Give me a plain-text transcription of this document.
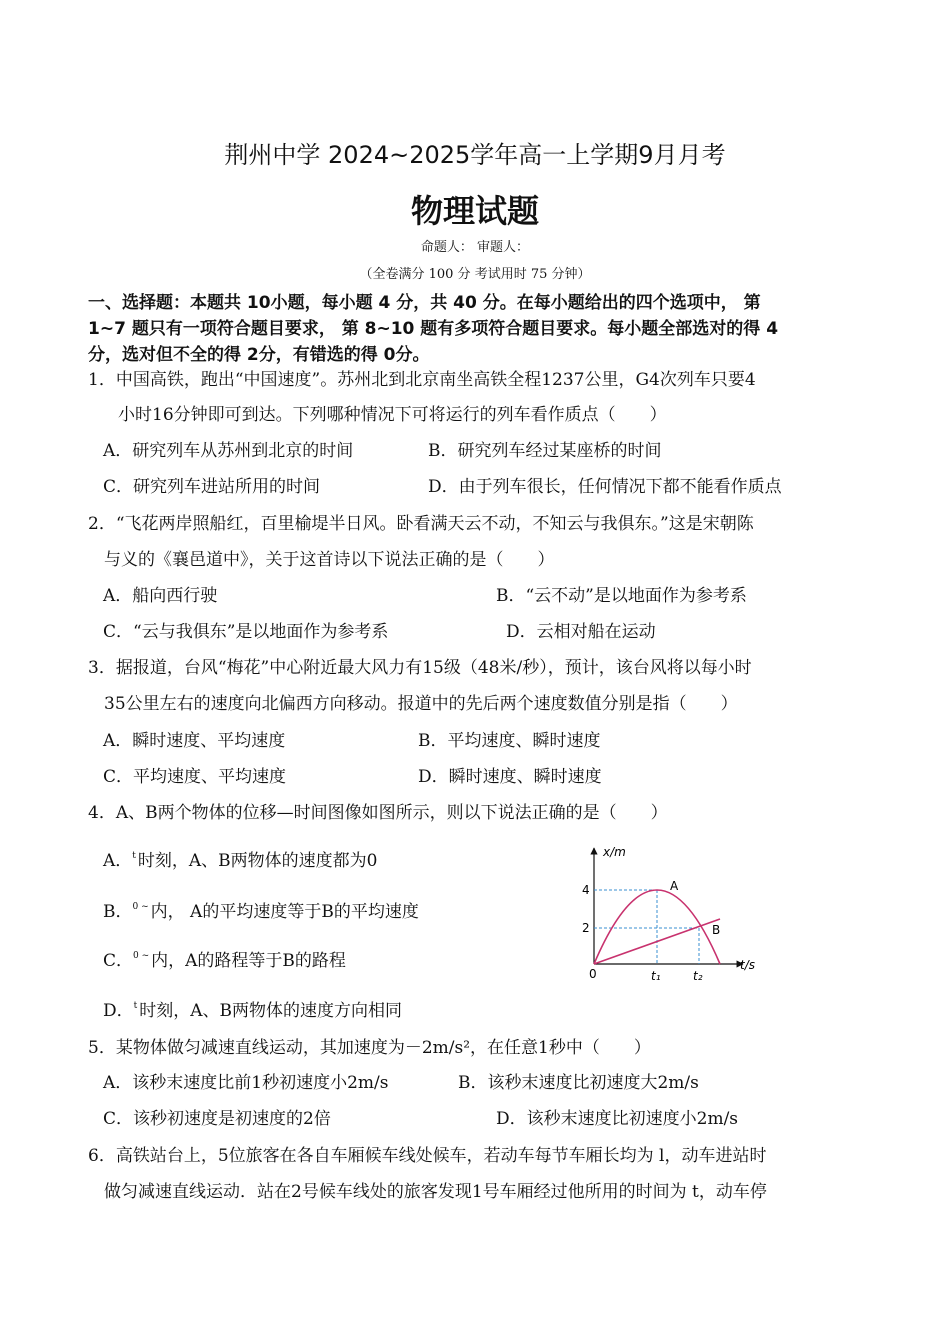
荆州中学 2024~2025学年高一上学期9月月考
物理试题
命题人： 审题人：
（全卷满分 100 分 考试用时 75 分钟）
一、选择题：本题共 10小题，每小题 4 分，共 40 分。在每小题给出的四个选项中， 第
1~7 题只有一项符合题目要求， 第 8~10 题有多项符合题目要求。每小题全部选对的得 4
分，选对但不全的得 2分，有错选的得 0分。
1．中国高铁，跑出“中国速度”。苏州北到北京南坐高铁全程1237公里，G4次列车只要4
小时16分钟即可到达。下列哪种情况下可将运行的列车看作质点（　　）
A．研究列车从苏州到北京的时间	B．研究列车经过某座桥的时间
C．研究列车进站所用的时间	D．由于列车很长，任何情况下都不能看作质点
2．“飞花两岸照船红，百里榆堤半日风。卧看满天云不动，不知云与我俱东。”这是宋朝陈
与义的《襄邑道中》，关于这首诗以下说法正确的是（　　）
A．船向西行驶	B．“云不动”是以地面作为参考系
C．“云与我俱东”是以地面作为参考系	D．云相对船在运动
3．据报道，台风“梅花”中心附近最大风力有15级（48米/秒），预计，该台风将以每小时
35公里左右的速度向北偏西方向移动。报道中的先后两个速度数值分别是指（　　）
A．瞬时速度、平均速度	B．平均速度、瞬时速度
C．平均速度、平均速度	D．瞬时速度、瞬时速度
4．A、B两个物体的位移—时间图像如图所示，则以下说法正确的是（　　）
A．$^t$ 时刻，A、B两物体的速度都为0
B．$^{0 \sim}$ 内， A的平均速度等于B的平均速度
C．$^{0 \sim}$ 内，A的路程等于B的路程
D．$^t$ 时刻，A、B两物体的速度方向相同
x/m
t/s
4
2
0	t₁	t₂
A
B
5．某物体做匀减速直线运动，其加速度为－2m/s²，在任意1秒中（　　）
A．该秒末速度比前1秒初速度小2m/s	B．该秒末速度比初速度大2m/s
C．该秒初速度是初速度的2倍	D．该秒末速度比初速度小2m/s
6．高铁站台上，5位旅客在各自车厢候车线处候车，若动车每节车厢长均为 l，动车进站时
做匀减速直线运动．站在2号候车线处的旅客发现1号车厢经过他所用的时间为 t，动车停
